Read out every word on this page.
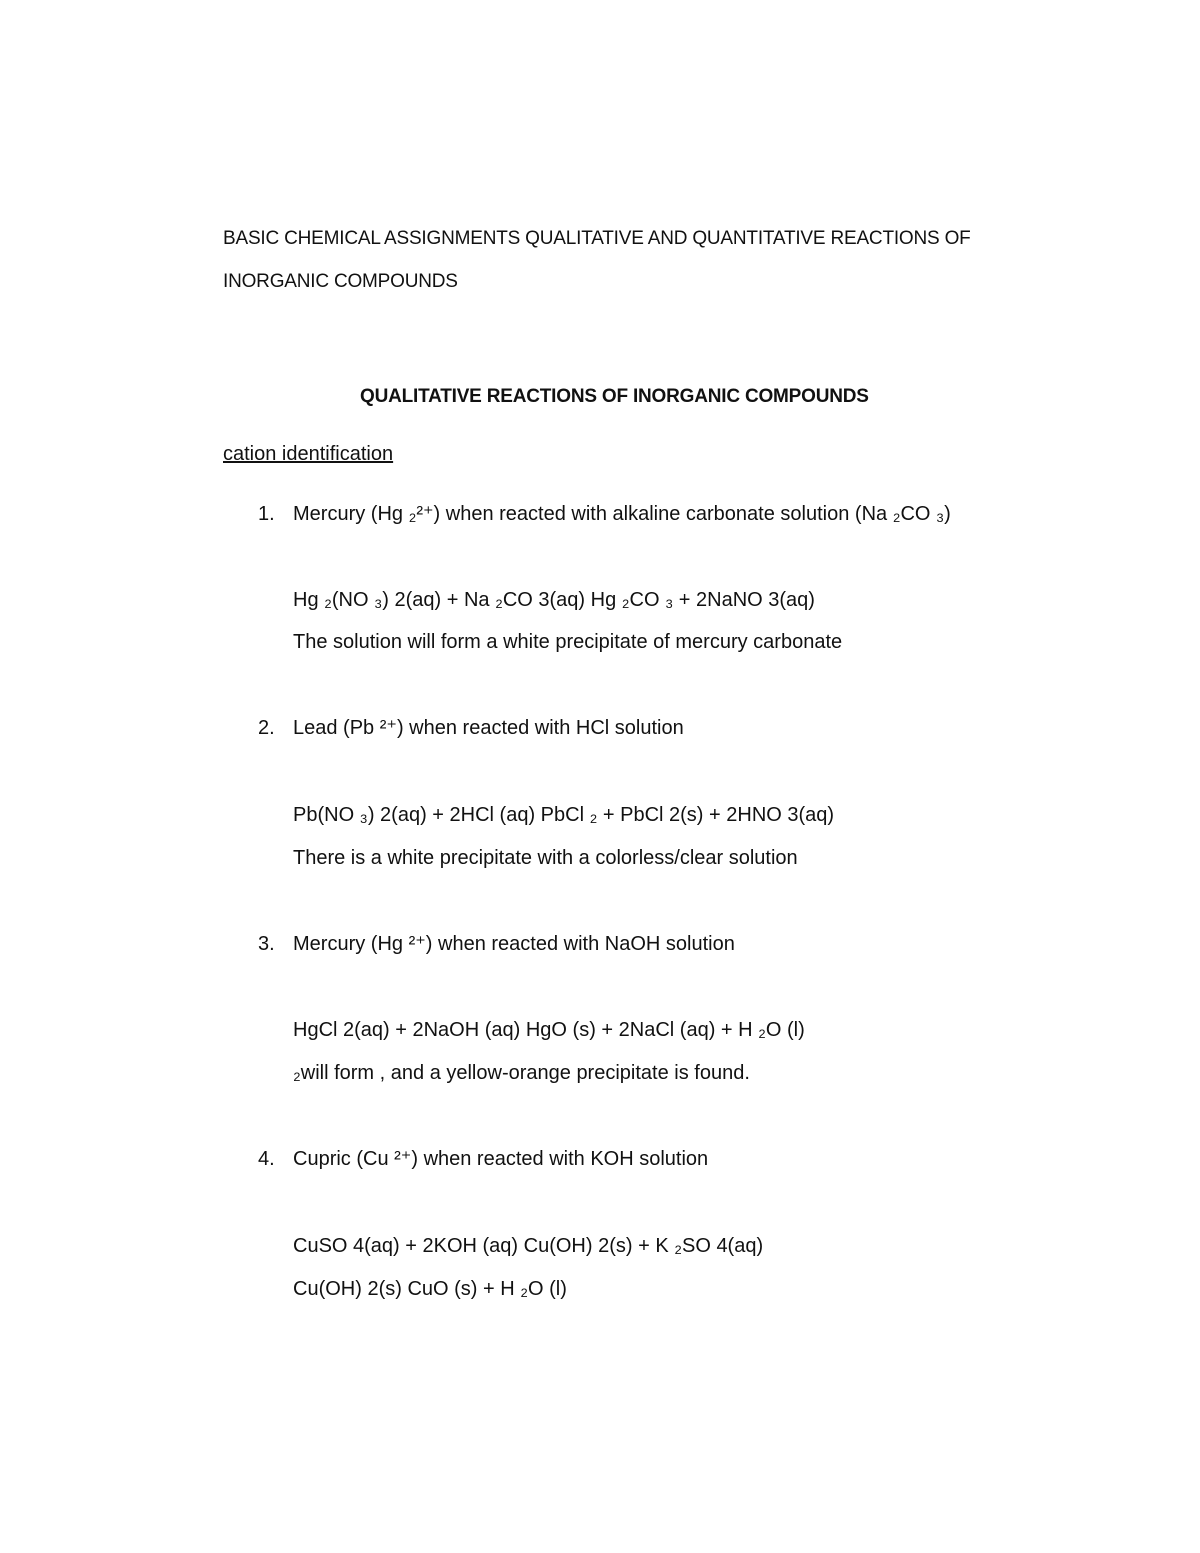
BASIC CHEMICAL ASSIGNMENTS QUALITATIVE AND QUANTITATIVE REACTIONS OF
INORGANIC COMPOUNDS
QUALITATIVE REACTIONS OF INORGANIC COMPOUNDS
cation identification
1. Mercury (Hg ₂²⁺) when reacted with alkaline carbonate solution (Na ₂CO ₃)
Hg ₂(NO ₃) 2(aq) + Na ₂CO 3(aq) Hg ₂CO ₃ + 2NaNO 3(aq)
The solution will form a white precipitate of mercury carbonate
2. Lead (Pb ²⁺) when reacted with HCl solution
Pb(NO ₃) 2(aq) + 2HCl (aq) PbCl ₂ + PbCl 2(s) + 2HNO 3(aq)
There is a white precipitate with a colorless/clear solution
3. Mercury (Hg ²⁺) when reacted with NaOH solution
HgCl 2(aq) + 2NaOH (aq) HgO (s) + 2NaCl (aq) + H ₂O (l)
₂will form , and a yellow-orange precipitate is found.
4. Cupric (Cu ²⁺) when reacted with KOH solution
CuSO 4(aq) + 2KOH (aq) Cu(OH) 2(s) + K ₂SO 4(aq)
Cu(OH) 2(s) CuO (s) + H ₂O (l)
